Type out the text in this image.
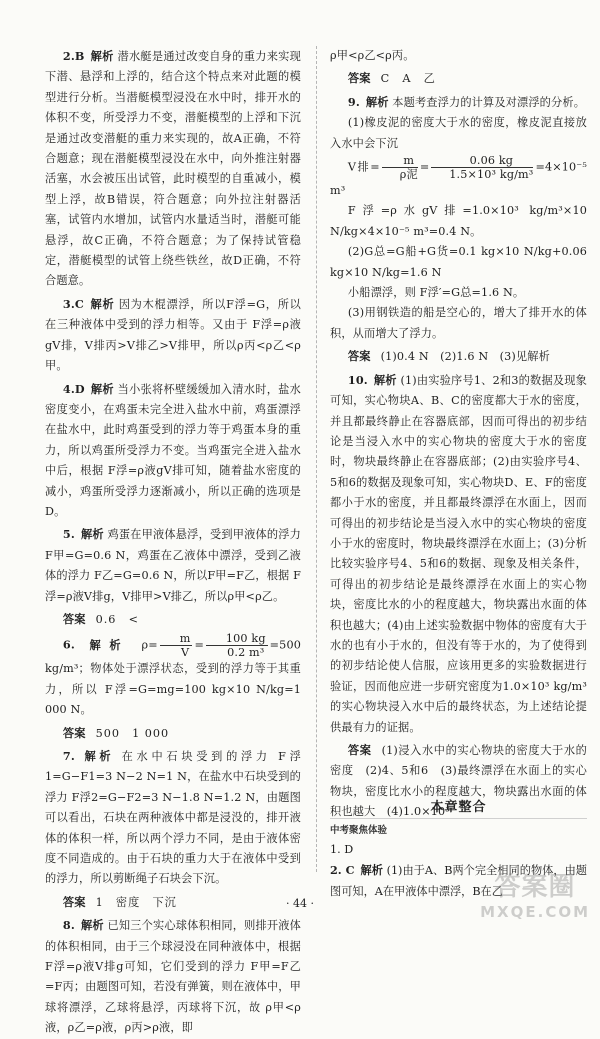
2.B 解析 潜水艇是通过改变自身的重力来实现下潜、悬浮和上浮的，结合这个特点来对此题的模型进行分析。当潜艇模型浸没在水中时，排开水的体积不变，所受浮力不变，潜艇模型的上浮和下沉是通过改变潜艇的重力来实现的，故A正确，不符合题意；现在潜艇模型浸没在水中，向外推注射器活塞，水会被压出试管，此时模型的自重减小，模型上浮，故B错误，符合题意；向外拉注射器活塞，试管内水增加，试管内水量适当时，潜艇可能悬浮，故C正确，不符合题意；为了保持试管稳定，潜艇模型的试管上绕些铁丝，故D正确，不符合题意。

3.C 解析 因为木棍漂浮，所以F浮=G，所以在三种液体中受到的浮力相等。又由于 F浮=ρ液gV排，V排丙>V排乙>V排甲，所以ρ丙<ρ乙<ρ甲。

4.D 解析 当小张将杯壁缓缓加入清水时，盐水密度变小，在鸡蛋未完全进入盐水中前，鸡蛋漂浮在盐水中，此时鸡蛋受到的浮力等于鸡蛋本身的重力，所以鸡蛋所受浮力不变。当鸡蛋完全进入盐水中后，根据 F浮=ρ液gV排可知，随着盐水密度的减小，鸡蛋所受浮力逐渐减小，所以正确的选项是D。

5. 解析 鸡蛋在甲液体悬浮，受到甲液体的浮力 F甲=G=0.6 N，鸡蛋在乙液体中漂浮，受到乙液体的浮力 F乙=G=0.6 N，所以F甲=F乙，根据 F浮=ρ液V排g，V排甲>V排乙，所以ρ甲<ρ乙。

答案 0.6　<

6. 解析 $\rho= \frac{m}{V} = \frac{100 kg}{\text{0.2 m³}} =500$ kg/m³；物体处于漂浮状态，受到的浮力等于其重力，所以 F浮=G=mg=100 kg×10 N/kg=1 000 N。

答案 500　1 000

7. 解析 在水中石块受到的浮力 F浮1=G−F1=3 N−2 N=1 N，在盐水中石块受到的浮力 F浮2=G−F2=3 N−1.8 N=1.2 N，由题图可以看出，石块在两种液体中都是浸没的，排开液体的体积一样，所以两个浮力不同，是由于液体密度不同造成的。由于石块的重力大于在液体中受到的浮力，所以剪断绳子石块会下沉。

答案 1　密度　下沉

8. 解析 已知三个实心球体积相同，则排开液体的体积相同，由于三个球浸没在同种液体中，根据 F浮=ρ液V排g可知，它们受到的浮力 F甲=F乙=F丙；由题图可知，若没有弹簧，则在液体中，甲球将漂浮，乙球将悬浮，丙球将下沉，故 ρ甲<ρ液，ρ乙=ρ液，ρ丙>ρ液，即

ρ甲<ρ乙<ρ丙。

答案 C　A　乙

9. 解析 本题考查浮力的计算及对漂浮的分析。

(1)橡皮泥的密度大于水的密度，橡皮泥直接放入水中会下沉

V排= $\frac{m}{\text{ρ泥}} = \frac{0.06 kg}{\text{1.5×10³ kg/m³}} =4\times 10^{-5}$ m³

F浮=ρ水gV排=1.0×10³ kg/m³×10 N/kg×4×10⁻⁵ m³=0.4 N。

(2)G总=G船+G货=0.1 kg×10 N/kg+0.06 kg×10 N/kg=1.6 N

小船漂浮，则 F浮′=G总=1.6 N。

(3)用钢铁造的船是空心的，增大了排开水的体积，从而增大了浮力。

答案 (1)0.4 N　(2)1.6 N　(3)见解析

10. 解析 (1)由实验序号1、2和3的数据及现象可知，实心物块A、B、C的密度都大于水的密度，并且都最终静止在容器底部，因而可得出的初步结论是当浸入水中的实心物块的密度大于水的密度时，物块最终静止在容器底部；(2)由实验序号4、5和6的数据及现象可知，实心物块D、E、F的密度都小于水的密度，并且都最终漂浮在水面上，因而可得出的初步结论是当浸入水中的实心物块的密度小于水的密度时，物块最终漂浮在水面上；(3)分析比较实验序号4、5和6的数据、现象及相关条件，可得出的初步结论是最终漂浮在水面上的实心物块，密度比水的小的程度越大，物块露出水面的体积也越大；(4)由上述实验数据中物体的密度有大于水的也有小于水的，但没有等于水的，为了使得到的初步结论使人信服，应该用更多的实验数据进行验证，因而他应进一步研究密度为1.0×10³ kg/m³的实心物块浸入水中后的最终状态，为上述结论提供最有力的证据。

答案 (1)浸入水中的实心物块的密度大于水的密度　(2)4、5和6　(3)最终漂浮在水面上的实心物块，密度比水小的程度越大，物块露出水面的体积也越大　(4)1.0×10³

本章整合
中考聚焦体验

1. D

2. C 解析 (1)由于A、B两个完全相同的物体，由题图可知，A在甲液体中漂浮，B在乙

· 44 ·
答案圈
MXQE.COM
